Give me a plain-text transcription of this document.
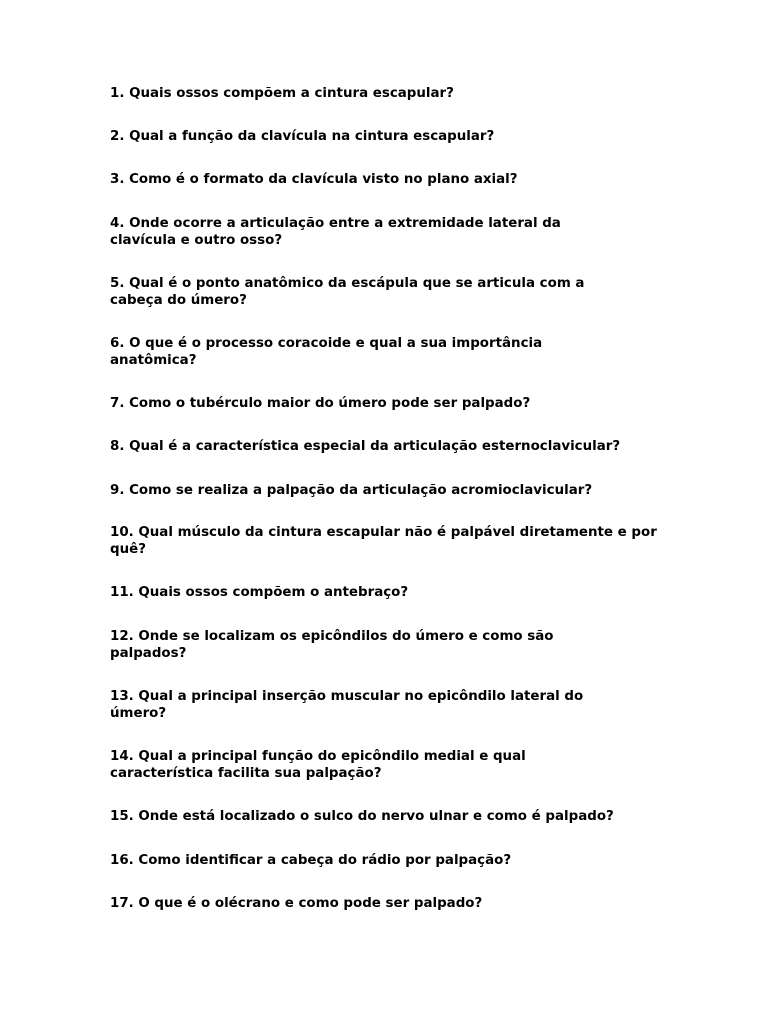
1. Quais ossos compõem a cintura escapular?

2. Qual a função da clavícula na cintura escapular?

3. Como é o formato da clavícula visto no plano axial?

4. Onde ocorre a articulação entre a extremidade lateral da clavícula e outro osso?

5. Qual é o ponto anatômico da escápula que se articula com a cabeça do úmero?

6. O que é o processo coracoide e qual a sua importância anatômica?

7. Como o tubérculo maior do úmero pode ser palpado?

8. Qual é a característica especial da articulação esternoclavicular?

9. Como se realiza a palpação da articulação acromioclavicular?

10. Qual músculo da cintura escapular não é palpável diretamente e por quê?

11. Quais ossos compõem o antebraço?

12. Onde se localizam os epicôndilos do úmero e como são palpados?

13. Qual a principal inserção muscular no epicôndilo lateral do úmero?

14. Qual a principal função do epicôndilo medial e qual característica facilita sua palpação?

15. Onde está localizado o sulco do nervo ulnar e como é palpado?

16. Como identificar a cabeça do rádio por palpação?

17. O que é o olécrano e como pode ser palpado?
